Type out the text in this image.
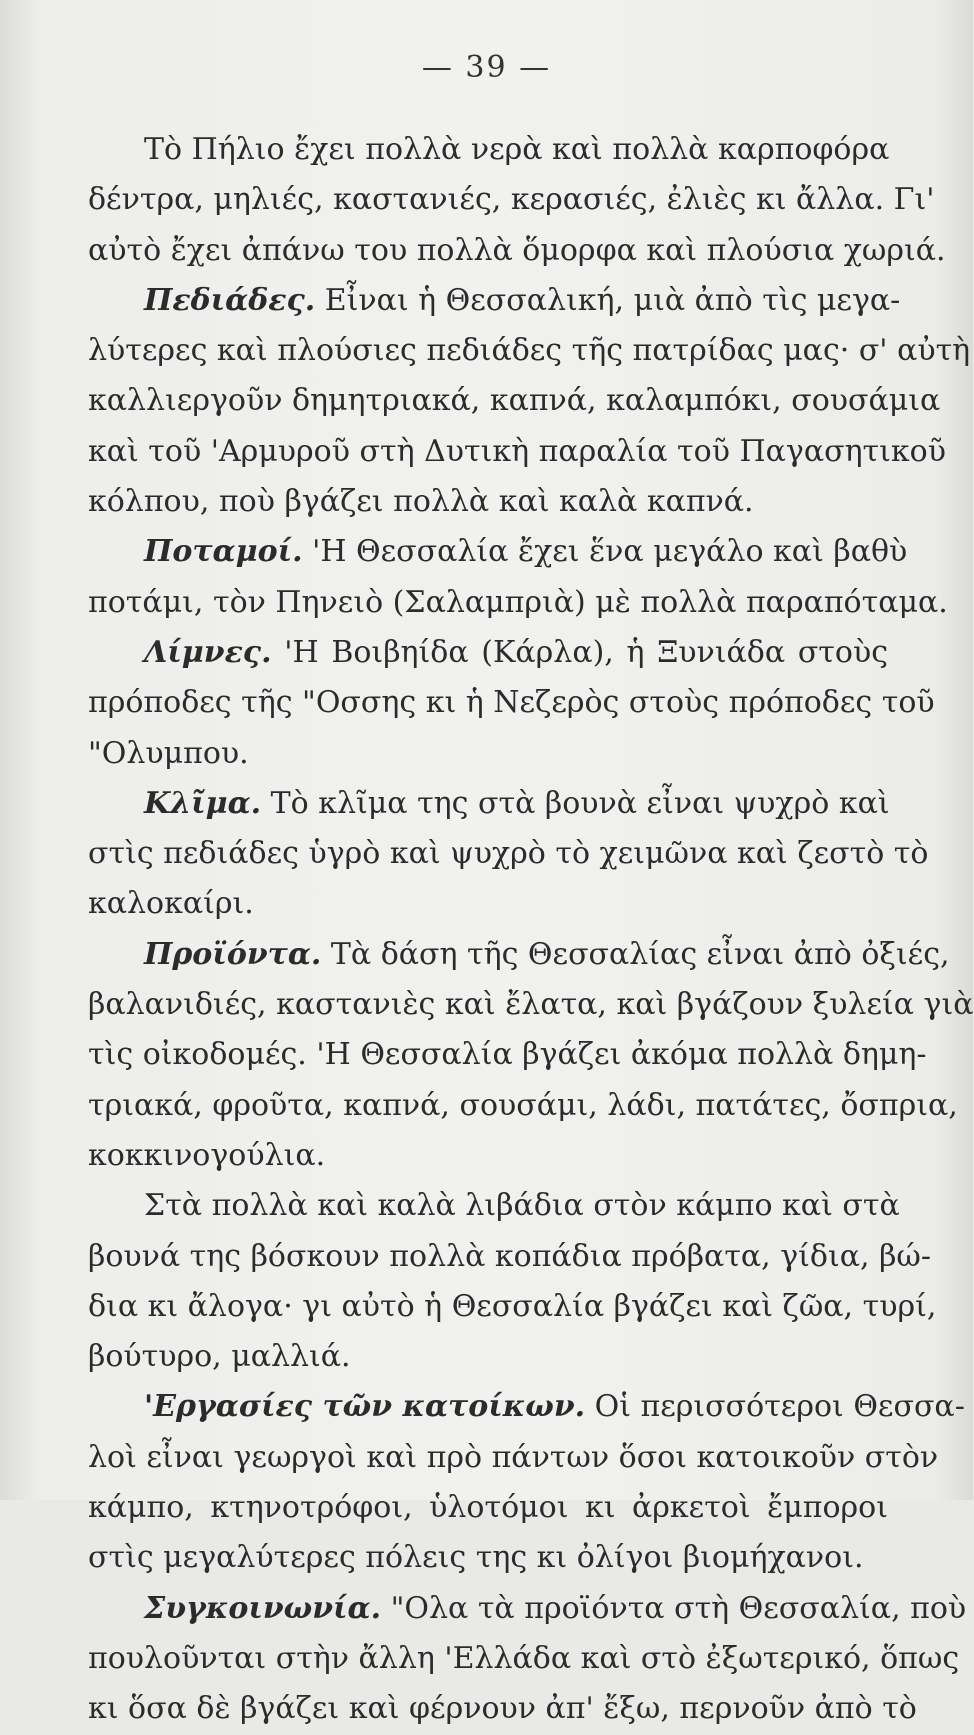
— 39 —
Τὸ Πήλιο ἔχει πολλὰ νερὰ καὶ πολλὰ καρποφόρα
δέντρα, μηλιές, καστανιές, κερασιές, ἐλιὲς κι ἄλλα. Γι'
αὐτὸ ἔχει ἀπάνω του πολλὰ ὅμορφα καὶ πλούσια χωριά.
Πεδιάδες. Εἶναι ἡ Θεσσαλική, μιὰ ἀπὸ τὶς μεγα-
λύτερες καὶ πλούσιες πεδιάδες τῆς πατρίδας μας· σ' αὐτὴ
καλλιεργοῦν δημητριακά, καπνά, καλαμπόκι, σουσάμια
καὶ τοῦ 'Αρμυροῦ στὴ Δυτικὴ παραλία τοῦ Παγασητικοῦ
κόλπου, ποὺ βγάζει πολλὰ καὶ καλὰ καπνά.
Ποταμοί. 'Η Θεσσαλία ἔχει ἕνα μεγάλο καὶ βαθὺ
ποτάμι, τὸν Πηνειὸ (Σαλαμπριὰ) μὲ πολλὰ παραπόταμα.
Λίμνες. 'Η Βοιβηίδα (Κάρλα), ἡ Ξυνιάδα στοὺς
πρόποδες τῆς "Οσσης κι ἡ Νεζερὸς στοὺς πρόποδες τοῦ
"Ολυμπου.
Κλῖμα. Τὸ κλῖμα της στὰ βουνὰ εἶναι ψυχρὸ καὶ
στὶς πεδιάδες ὑγρὸ καὶ ψυχρὸ τὸ χειμῶνα καὶ ζεστὸ τὸ
καλοκαίρι.
Προϊόντα. Τὰ δάση τῆς Θεσσαλίας εἶναι ἀπὸ ὀξιές,
βαλανιδιές, καστανιὲς καὶ ἔλατα, καὶ βγάζουν ξυλεία γιὰ
τὶς οἰκοδομές. 'Η Θεσσαλία βγάζει ἀκόμα πολλὰ δημη-
τριακά, φροῦτα, καπνά, σουσάμι, λάδι, πατάτες, ὄσπρια,
κοκκινογούλια.
Στὰ πολλὰ καὶ καλὰ λιβάδια στὸν κάμπο καὶ στὰ
βουνά της βόσκουν πολλὰ κοπάδια πρόβατα, γίδια, βώ-
δια κι ἄλογα· γι αὐτὸ ἡ Θεσσαλία βγάζει καὶ ζῶα, τυρί,
βούτυρο, μαλλιά.
'Εργασίες τῶν κατοίκων. Οἱ περισσότεροι Θεσσα-
λοὶ εἶναι γεωργοὶ καὶ πρὸ πάντων ὅσοι κατοικοῦν στὸν
κάμπο, κτηνοτρόφοι, ὑλοτόμοι κι ἀρκετοὶ ἔμποροι
στὶς μεγαλύτερες πόλεις της κι ὀλίγοι βιομήχανοι.
Συγκοινωνία. "Ολα τὰ προϊόντα στὴ Θεσσαλία, ποὺ
πουλοῦνται στὴν ἄλλη 'Ελλάδα καὶ στὸ ἐξωτερικό, ὅπως
κι ὅσα δὲ βγάζει καὶ φέρνουν ἀπ' ἔξω, περνοῦν ἀπὸ τὸ
